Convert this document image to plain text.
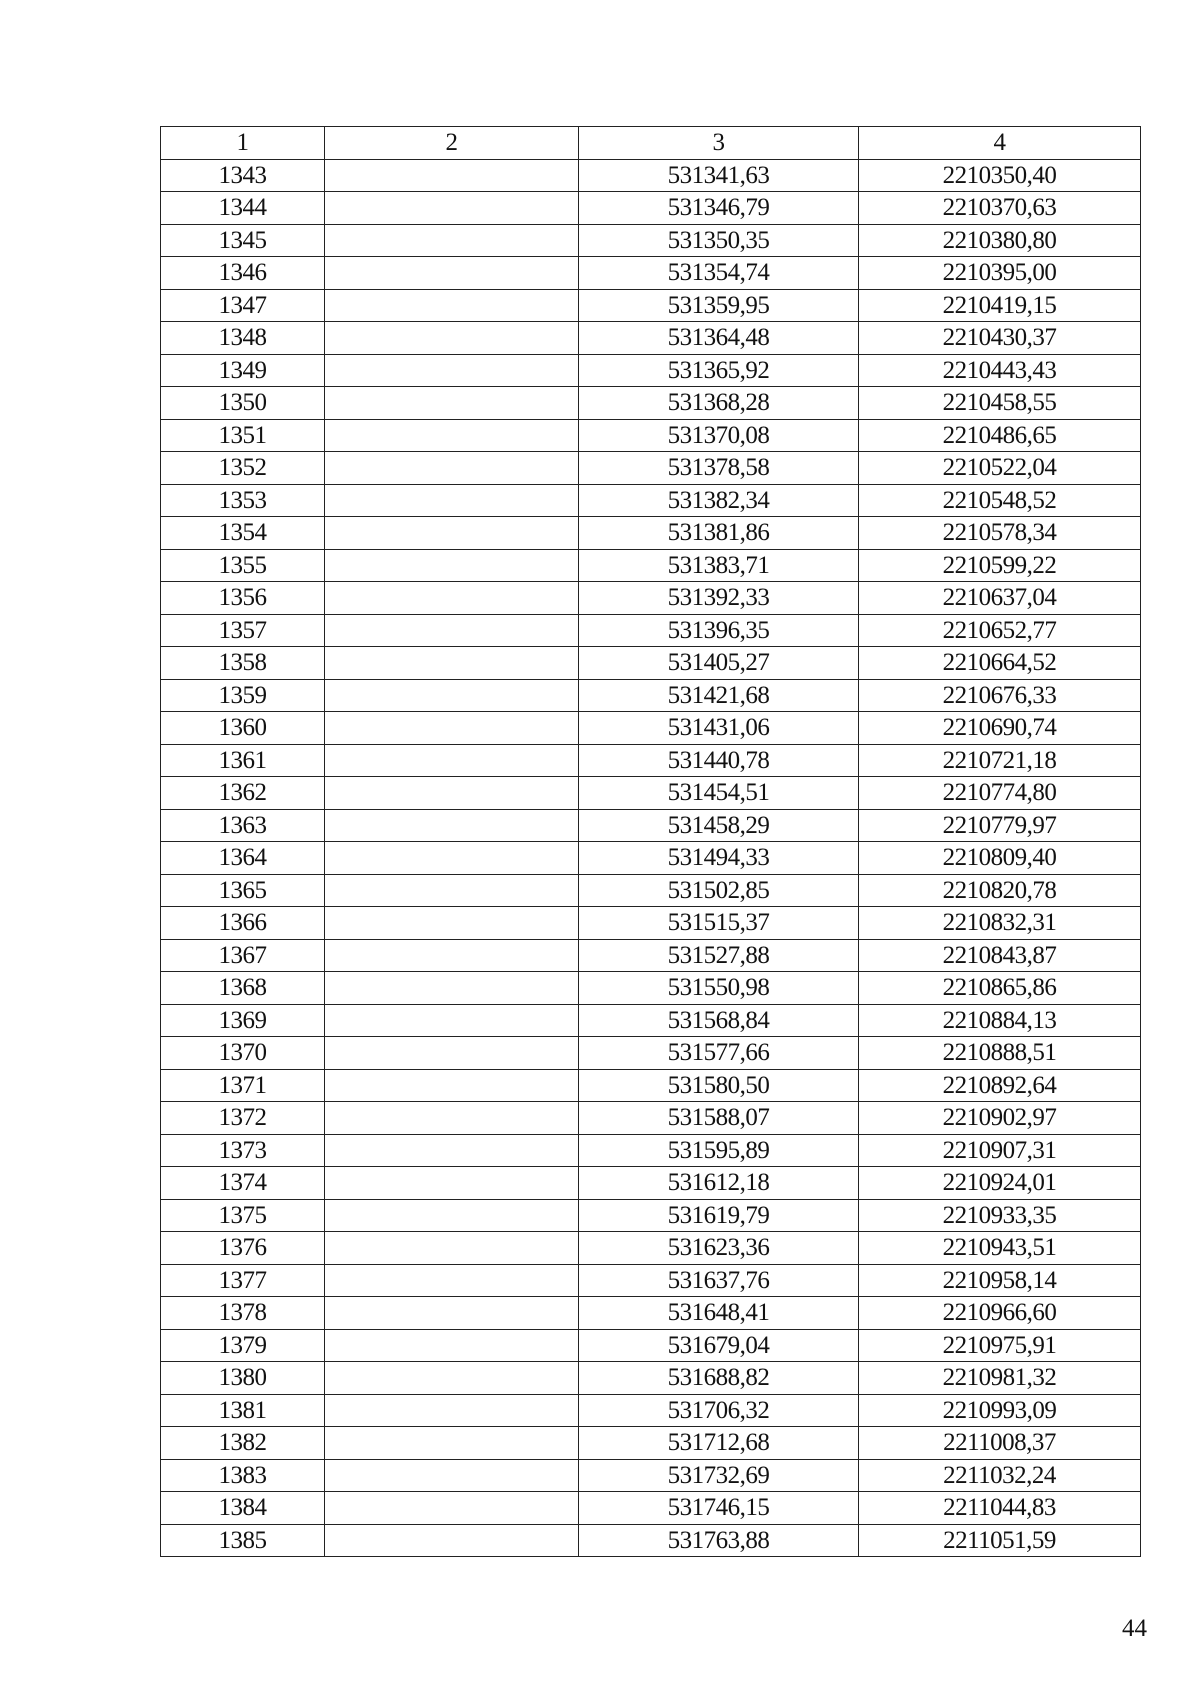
1	2	3	4
1343		531341,63	2210350,40
1344		531346,79	2210370,63
1345		531350,35	2210380,80
1346		531354,74	2210395,00
1347		531359,95	2210419,15
1348		531364,48	2210430,37
1349		531365,92	2210443,43
1350		531368,28	2210458,55
1351		531370,08	2210486,65
1352		531378,58	2210522,04
1353		531382,34	2210548,52
1354		531381,86	2210578,34
1355		531383,71	2210599,22
1356		531392,33	2210637,04
1357		531396,35	2210652,77
1358		531405,27	2210664,52
1359		531421,68	2210676,33
1360		531431,06	2210690,74
1361		531440,78	2210721,18
1362		531454,51	2210774,80
1363		531458,29	2210779,97
1364		531494,33	2210809,40
1365		531502,85	2210820,78
1366		531515,37	2210832,31
1367		531527,88	2210843,87
1368		531550,98	2210865,86
1369		531568,84	2210884,13
1370		531577,66	2210888,51
1371		531580,50	2210892,64
1372		531588,07	2210902,97
1373		531595,89	2210907,31
1374		531612,18	2210924,01
1375		531619,79	2210933,35
1376		531623,36	2210943,51
1377		531637,76	2210958,14
1378		531648,41	2210966,60
1379		531679,04	2210975,91
1380		531688,82	2210981,32
1381		531706,32	2210993,09
1382		531712,68	2211008,37
1383		531732,69	2211032,24
1384		531746,15	2211044,83
1385		531763,88	2211051,59
44
